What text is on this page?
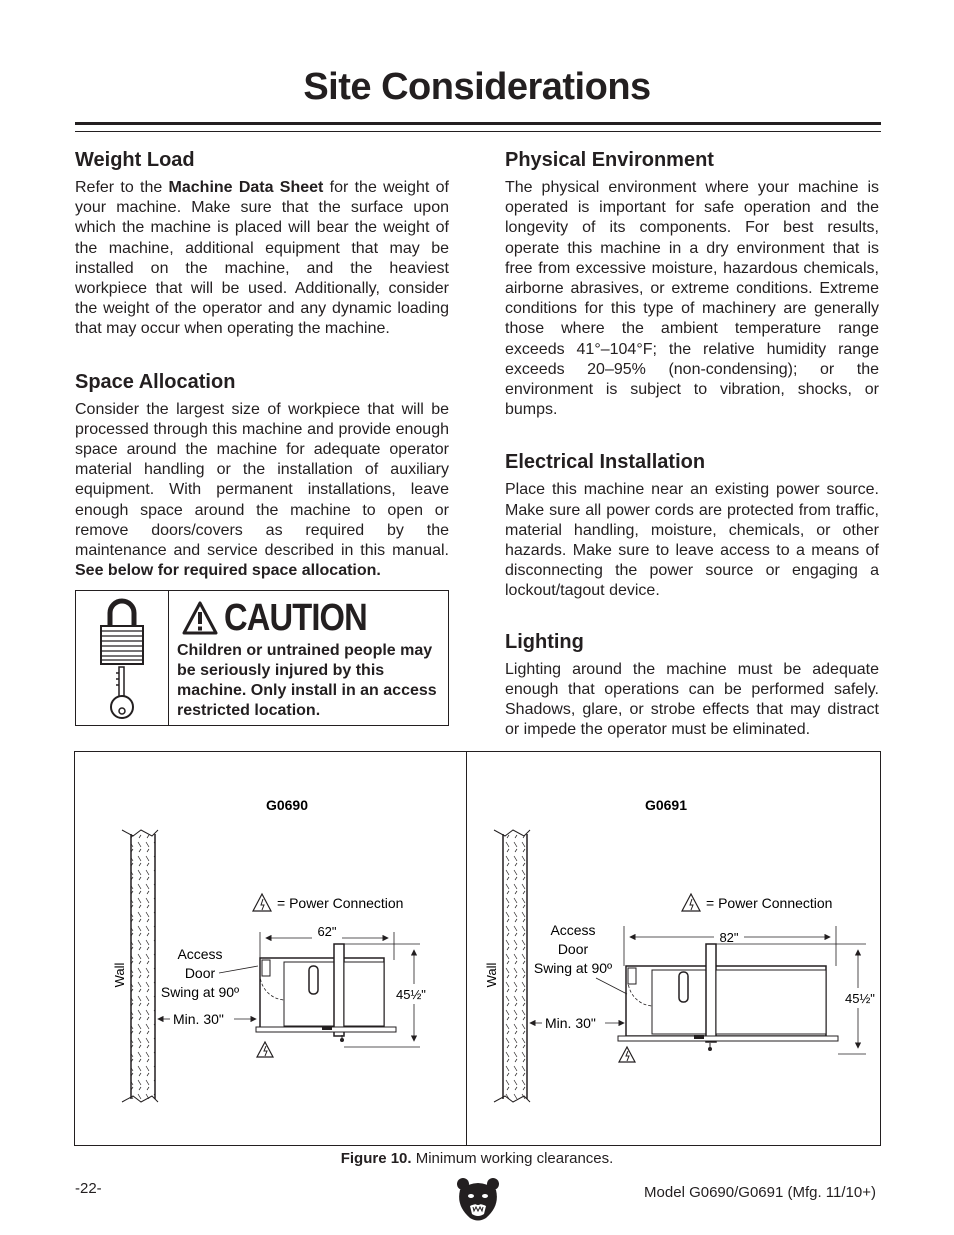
Site Considerations
Weight Load

Refer to the Machine Data Sheet for the weight of your machine. Make sure that the surface upon which the machine is placed will bear the weight of the machine, additional equipment that may be installed on the machine, and the heaviest workpiece that will be used. Additionally, consider the weight of the operator and any dynamic loading that may occur when operating the machine.

Space Allocation

Consider the largest size of workpiece that will be processed through this machine and provide enough space around the machine for adequate operator material handling or the installation of auxiliary equipment. With permanent installations, leave enough space around the machine to open or remove doors/covers as required by the maintenance and service described in this manual. See below for required space allocation.

CAUTION
Children or untrained people may be seriously injured by this machine. Only install in an access restricted location.
Physical Environment

The physical environment where your machine is operated is important for safe operation and the longevity of its components. For best results, operate this machine in a dry environment that is free from excessive moisture, hazardous chemicals, airborne abrasives, or extreme conditions. Extreme conditions for this type of machinery are generally those where the ambient temperature range exceeds 41°–104°F; the relative humidity range exceeds 20–95% (non-condensing); or the environment is subject to vibration, shocks, or bumps.

Electrical Installation

Place this machine near an existing power source. Make sure all power cords are protected from traffic, material handling, moisture, chemicals, or other hazards. Make sure to leave access to a means of disconnecting the power source or engaging a lockout/tagout device.

Lighting

Lighting around the machine must be adequate enough that operations can be performed safely. Shadows, glare, or strobe effects that may distract or impede the operator must be eliminated.

G0690
Wall
= Power Connection
62"
45½"
Access
Door
Swing at 90º
Min. 30"
G0691
Wall
= Power Connection
82"
45½"
Access
Door
Swing at 90º
Min. 30"
Figure 10. Minimum working clearances.
-22-	Model G0690/G0691 (Mfg. 11/10+)
